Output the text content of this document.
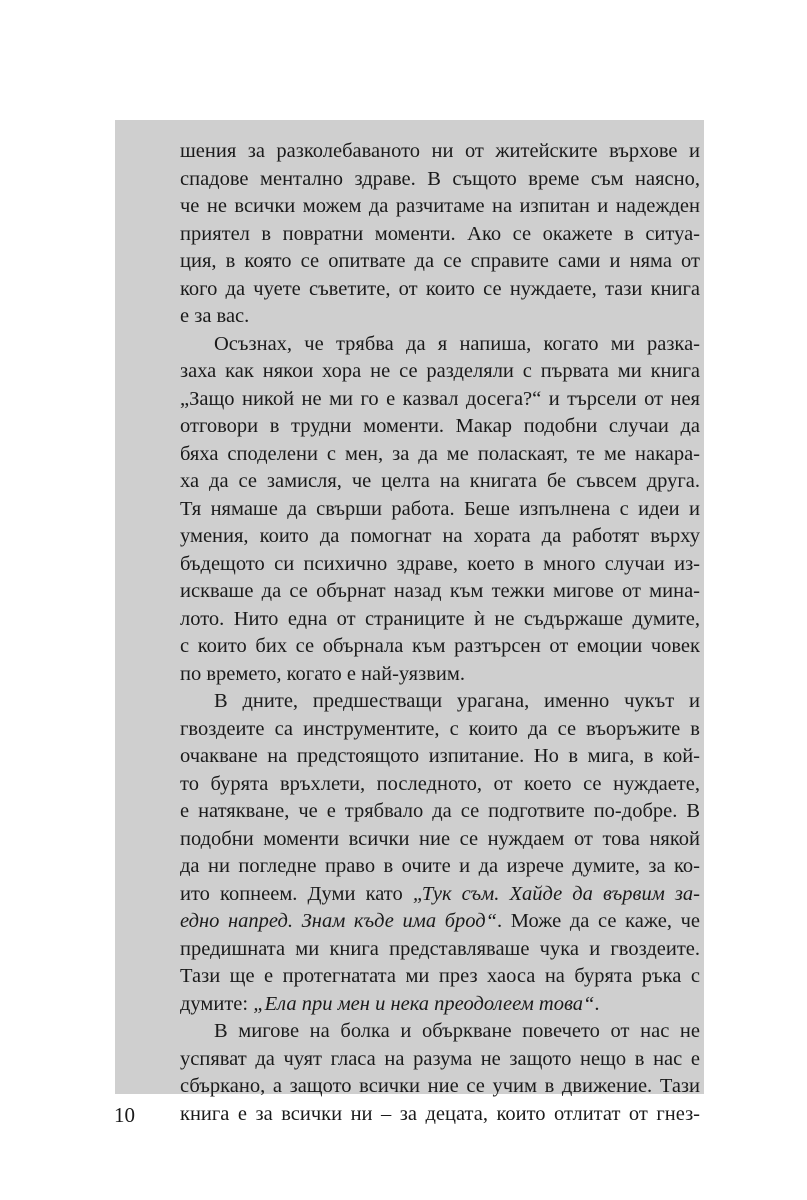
шения за разколебаваното ни от житейските върхове и
спадове ментално здраве. В същото време съм наясно,
че не всички можем да разчитаме на изпитан и надежден
приятел в повратни моменти. Ако се окажете в ситуа-
ция, в която се опитвате да се справите сами и няма от
кого да чуете съветите, от които се нуждаете, тази книга
е за вас.
Осъзнах, че трябва да я напиша, когато ми разка-
заха как някои хора не се разделяли с първата ми книга
„Защо никой не ми го е казвал досега?“ и търсели от нея
отговори в трудни моменти. Макар подобни случаи да
бяха споделени с мен, за да ме поласкаят, те ме накара-
ха да се замисля, че целта на книгата бе съвсем друга.
Тя нямаше да свърши работа. Беше изпълнена с идеи и
умения, които да помогнат на хората да работят върху
бъдещото си психично здраве, което в много случаи из-
искваше да се обърнат назад към тежки мигове от мина-
лото. Нито една от страниците ѝ не съдържаше думите,
с които бих се обърнала към разтърсен от емоции човек
по времето, когато е най-уязвим.
В дните, предшестващи урагана, именно чукът и
гвоздеите са инструментите, с които да се въоръжите в
очакване на предстоящото изпитание. Но в мига, в кой-
то бурята връхлети, последното, от което се нуждаете,
е натякване, че е трябвало да се подготвите по-добре. В
подобни моменти всички ние се нуждаем от това някой
да ни погледне право в очите и да изрече думите, за ко-
ито копнеем. Думи като „Тук съм. Хайде да вървим за-
едно напред. Знам къде има брод“. Може да се каже, че
предишната ми книга представляваше чука и гвоздеите.
Тази ще е протегнатата ми през хаоса на бурята ръка с
думите: „Ела при мен и нека преодолеем това“.
В мигове на болка и объркване повечето от нас не
успяват да чуят гласа на разума не защото нещо в нас е
сбъркано, а защото всички ние се учим в движение. Тази
книга е за всички ни – за децата, които отлитат от гнез-
10
